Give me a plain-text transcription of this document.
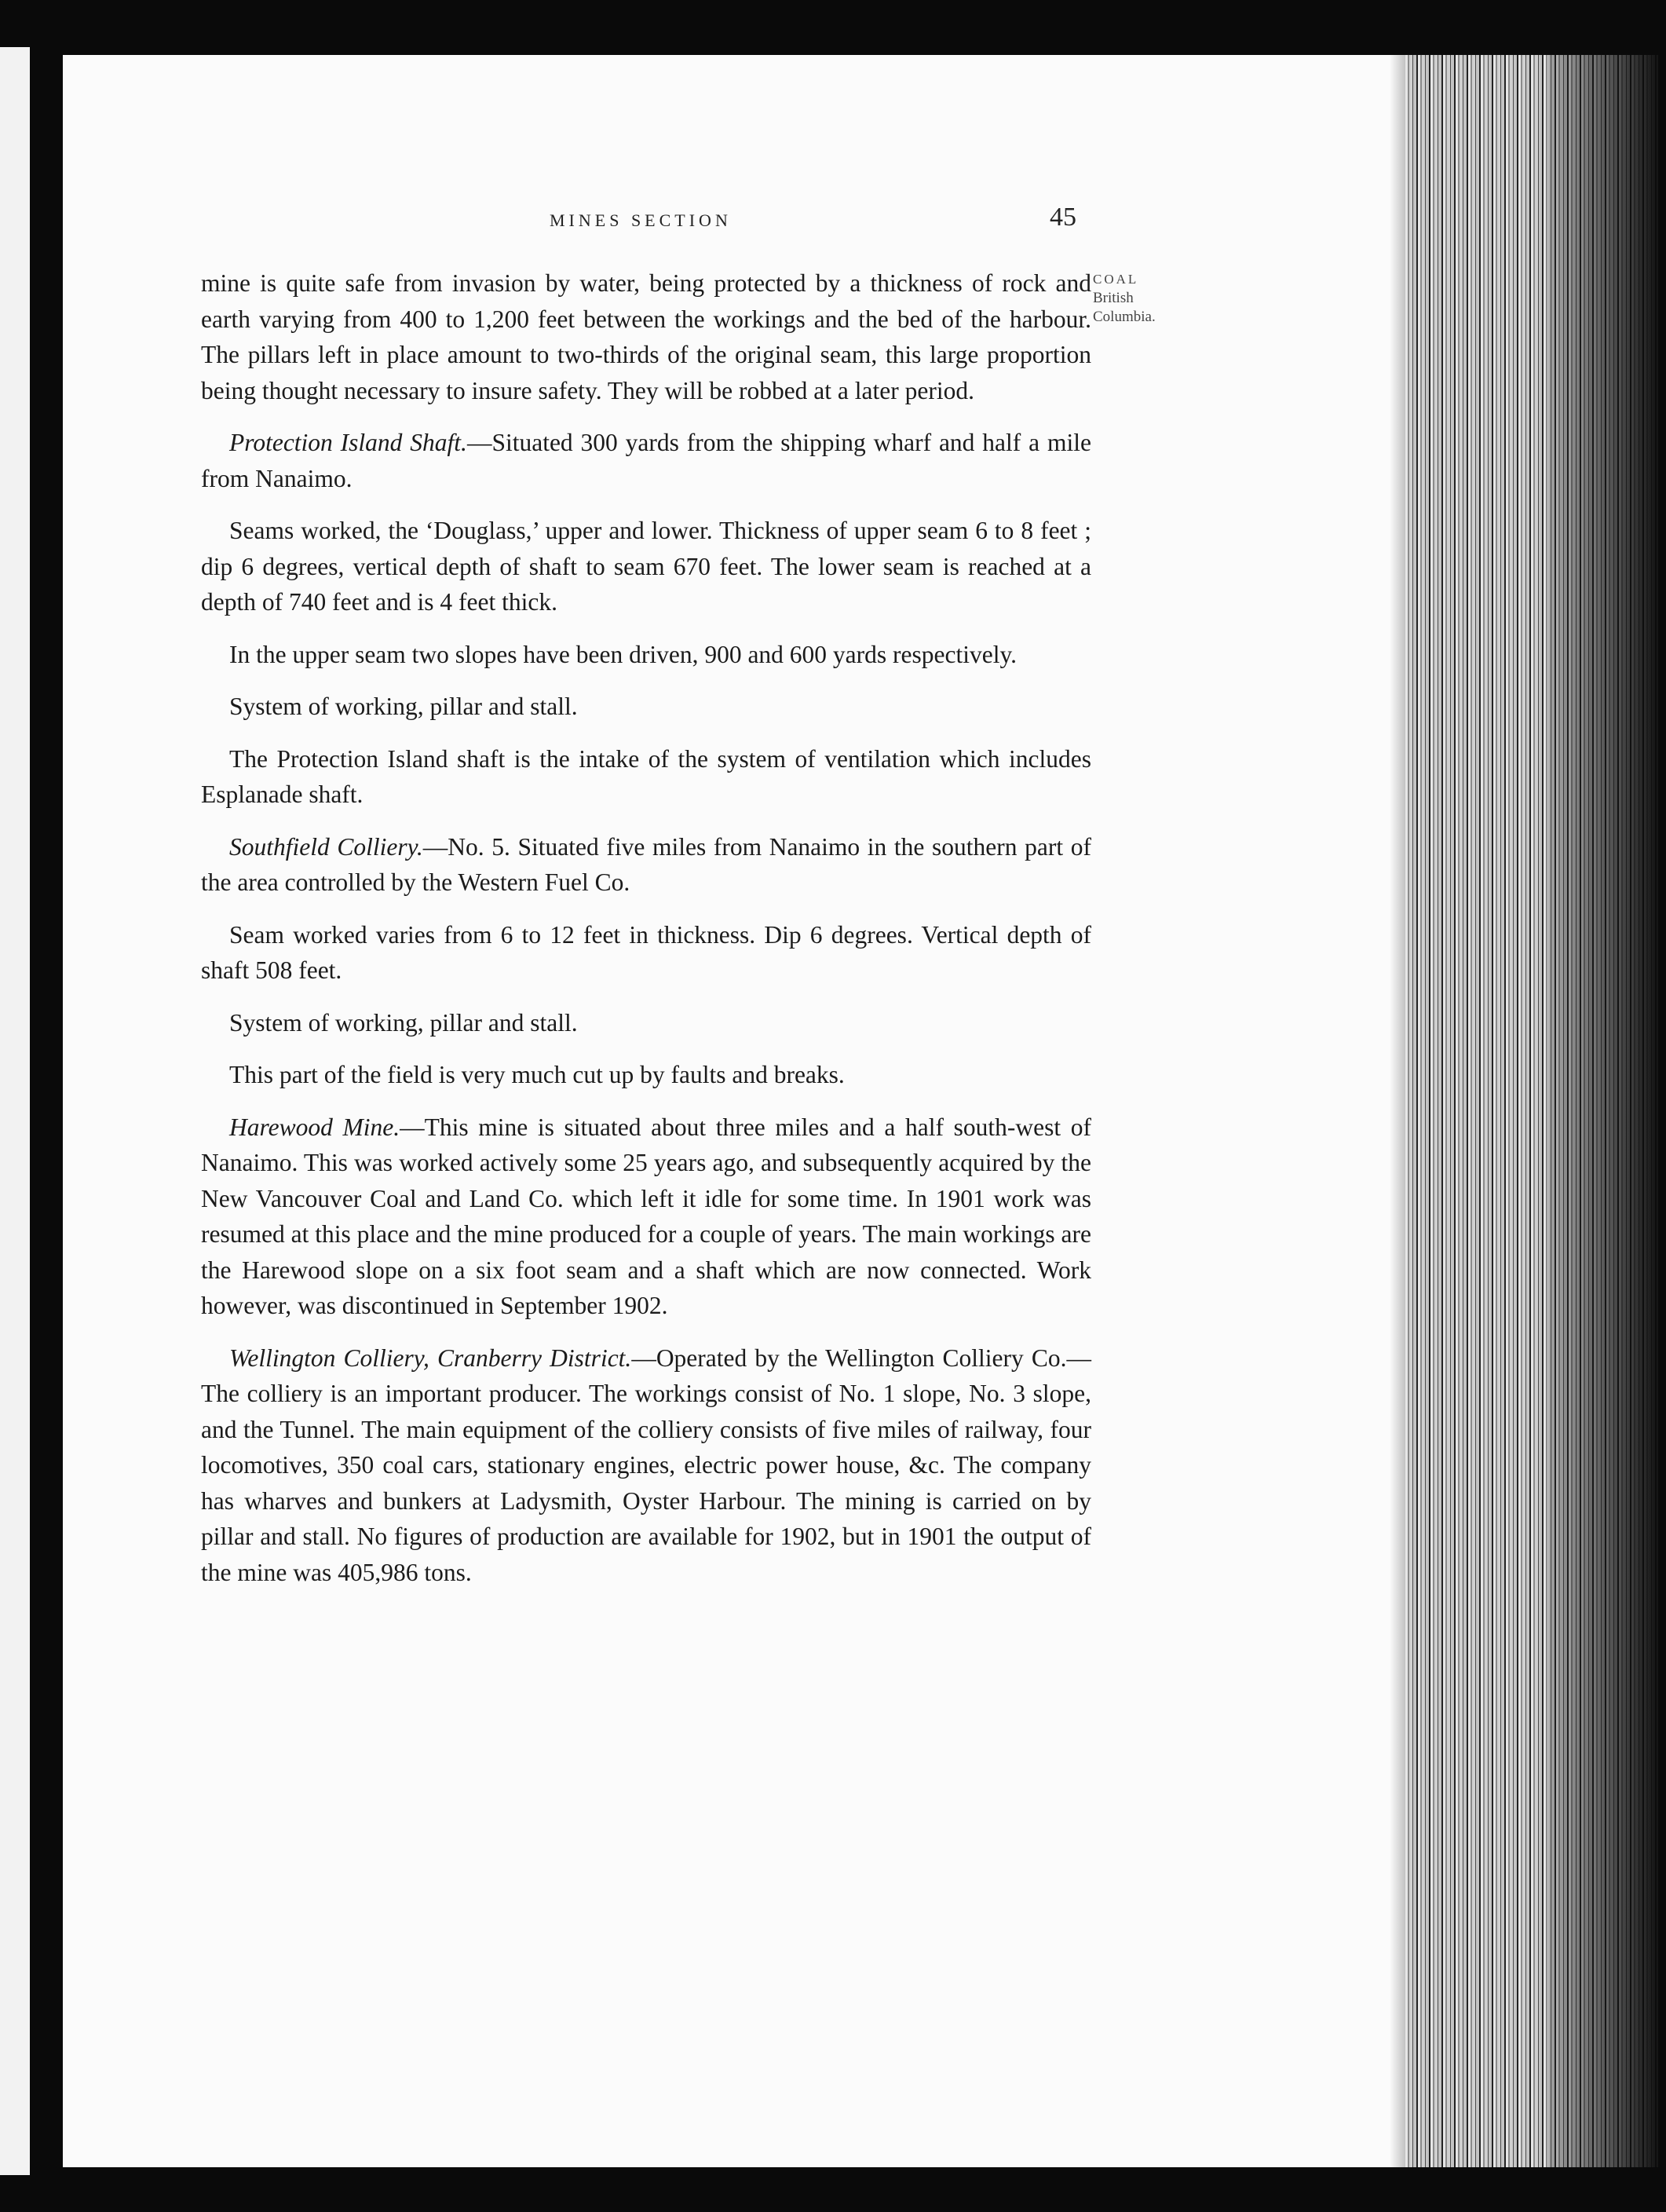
MINES SECTION	45
COAL
British
Columbia.

mine is quite safe from invasion by water, being protected by a thickness of rock and earth varying from 400 to 1,200 feet between the workings and the bed of the harbour. The pillars left in place amount to two-thirds of the original seam, this large proportion being thought necessary to insure safety. They will be robbed at a later period.

Protection Island Shaft.—Situated 300 yards from the shipping wharf and half a mile from Nanaimo.

Seams worked, the ‘Douglass,’ upper and lower. Thickness of upper seam 6 to 8 feet ; dip 6 degrees, vertical depth of shaft to seam 670 feet. The lower seam is reached at a depth of 740 feet and is 4 feet thick.

In the upper seam two slopes have been driven, 900 and 600 yards respectively.

System of working, pillar and stall.

The Protection Island shaft is the intake of the system of ventilation which includes Esplanade shaft.

Southfield Colliery.—No. 5. Situated five miles from Nanaimo in the southern part of the area controlled by the Western Fuel Co.

Seam worked varies from 6 to 12 feet in thickness. Dip 6 degrees. Vertical depth of shaft 508 feet.

System of working, pillar and stall.

This part of the field is very much cut up by faults and breaks.

Harewood Mine.—This mine is situated about three miles and a half south-west of Nanaimo. This was worked actively some 25 years ago, and subsequently acquired by the New Vancouver Coal and Land Co. which left it idle for some time. In 1901 work was resumed at this place and the mine produced for a couple of years. The main workings are the Harewood slope on a six foot seam and a shaft which are now connected. Work however, was discontinued in September 1902.

Wellington Colliery, Cranberry District.—Operated by the Wellington Colliery Co.—The colliery is an important producer. The workings consist of No. 1 slope, No. 3 slope, and the Tunnel. The main equipment of the colliery consists of five miles of railway, four locomotives, 350 coal cars, stationary engines, electric power house, &c. The company has wharves and bunkers at Ladysmith, Oyster Harbour. The mining is carried on by pillar and stall. No figures of production are available for 1902, but in 1901 the output of the mine was 405,986 tons.
